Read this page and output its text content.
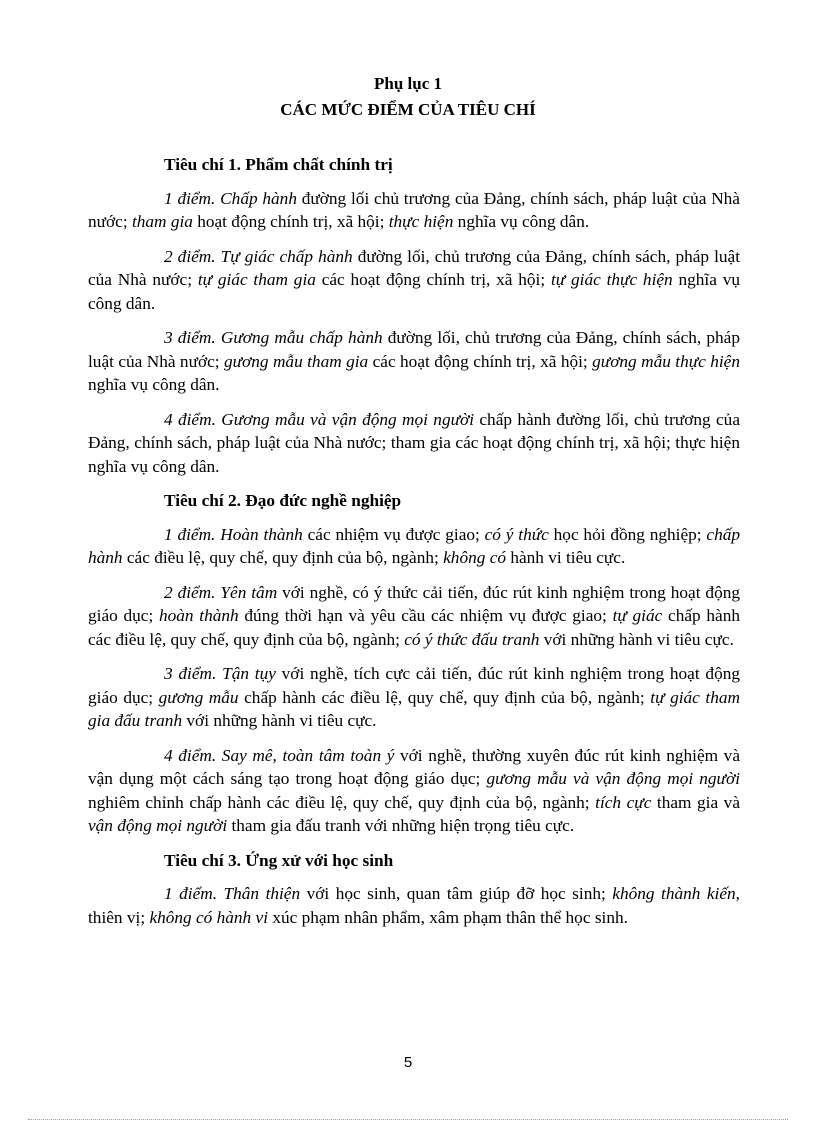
Phụ lục 1
CÁC MỨC ĐIỂM CỦA TIÊU CHÍ

Tiêu chí 1. Phẩm chất chính trị

1 điểm. Chấp hành đường lối chủ trương của Đảng, chính sách, pháp luật của Nhà nước; tham gia hoạt động chính trị, xã hội; thực hiện nghĩa vụ công dân.

2 điểm. Tự giác chấp hành đường lối, chủ trương của Đảng, chính sách, pháp luật của Nhà nước; tự giác tham gia các hoạt động chính trị, xã hội; tự giác thực hiện nghĩa vụ công dân.

3 điểm. Gương mẫu chấp hành đường lối, chủ trương của Đảng, chính sách, pháp luật của Nhà nước; gương mẫu tham gia các hoạt động chính trị, xã hội; gương mẫu thực hiện nghĩa vụ công dân.

4 điểm. Gương mẫu và vận động mọi người chấp hành đường lối, chủ trương của Đảng, chính sách, pháp luật của Nhà nước; tham gia các hoạt động chính trị, xã hội; thực hiện nghĩa vụ công dân.

Tiêu chí 2. Đạo đức nghề nghiệp

1 điểm. Hoàn thành các nhiệm vụ được giao; có ý thức học hỏi đồng nghiệp; chấp hành các điều lệ, quy chế, quy định của bộ, ngành; không có hành vi tiêu cực.

2 điểm. Yên tâm với nghề, có ý thức cải tiến, đúc rút kinh nghiệm trong hoạt động giáo dục; hoàn thành đúng thời hạn và yêu cầu các nhiệm vụ được giao; tự giác chấp hành các điều lệ, quy chế, quy định của bộ, ngành; có ý thức đấu tranh với những hành vi tiêu cực.

3 điểm. Tận tụy với nghề, tích cực cải tiến, đúc rút kinh nghiệm trong hoạt động giáo dục; gương mẫu chấp hành các điều lệ, quy chế, quy định của bộ, ngành; tự giác tham gia đấu tranh với những hành vi tiêu cực.

4 điểm. Say mê, toàn tâm toàn ý với nghề, thường xuyên đúc rút kinh nghiệm và vận dụng một cách sáng tạo trong hoạt động giáo dục; gương mẫu và vận động mọi người nghiêm chỉnh chấp hành các điều lệ, quy chế, quy định của bộ, ngành; tích cực tham gia và vận động mọi người tham gia đấu tranh với những hiện trọng tiêu cực.

Tiêu chí 3. Ứng xử với học sinh

1 điểm. Thân thiện với học sinh, quan tâm giúp đỡ học sinh; không thành kiến, thiên vị; không có hành vi xúc phạm nhân phẩm, xâm phạm thân thể học sinh.

5
